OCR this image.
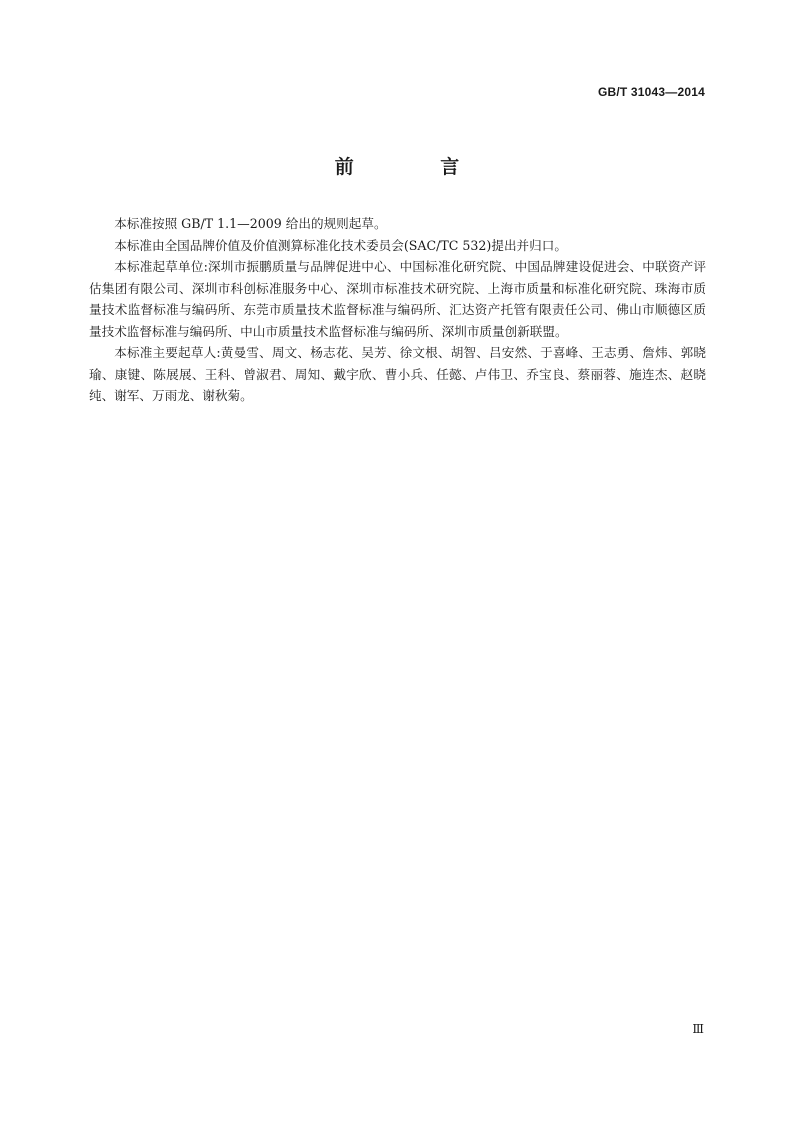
GB/T 31043—2014
前 言

本标准按照 GB/T 1.1—2009 给出的规则起草。

本标准由全国品牌价值及价值测算标准化技术委员会(SAC/TC 532)提出并归口。

本标准起草单位:深圳市振鹏质量与品牌促进中心、中国标准化研究院、中国品牌建设促进会、中联资产评估集团有限公司、深圳市科创标准服务中心、深圳市标准技术研究院、上海市质量和标准化研究院、珠海市质量技术监督标准与编码所、东莞市质量技术监督标准与编码所、汇达资产托管有限责任公司、佛山市顺德区质量技术监督标准与编码所、中山市质量技术监督标准与编码所、深圳市质量创新联盟。

本标准主要起草人:黄曼雪、周文、杨志花、吴芳、徐文根、胡智、吕安然、于喜峰、王志勇、詹炜、郭晓瑜、康键、陈展展、王科、曾淑君、周知、戴宇欣、曹小兵、任懿、卢伟卫、乔宝良、蔡丽蓉、施连杰、赵晓纯、谢军、万雨龙、谢秋菊。

Ⅲ
